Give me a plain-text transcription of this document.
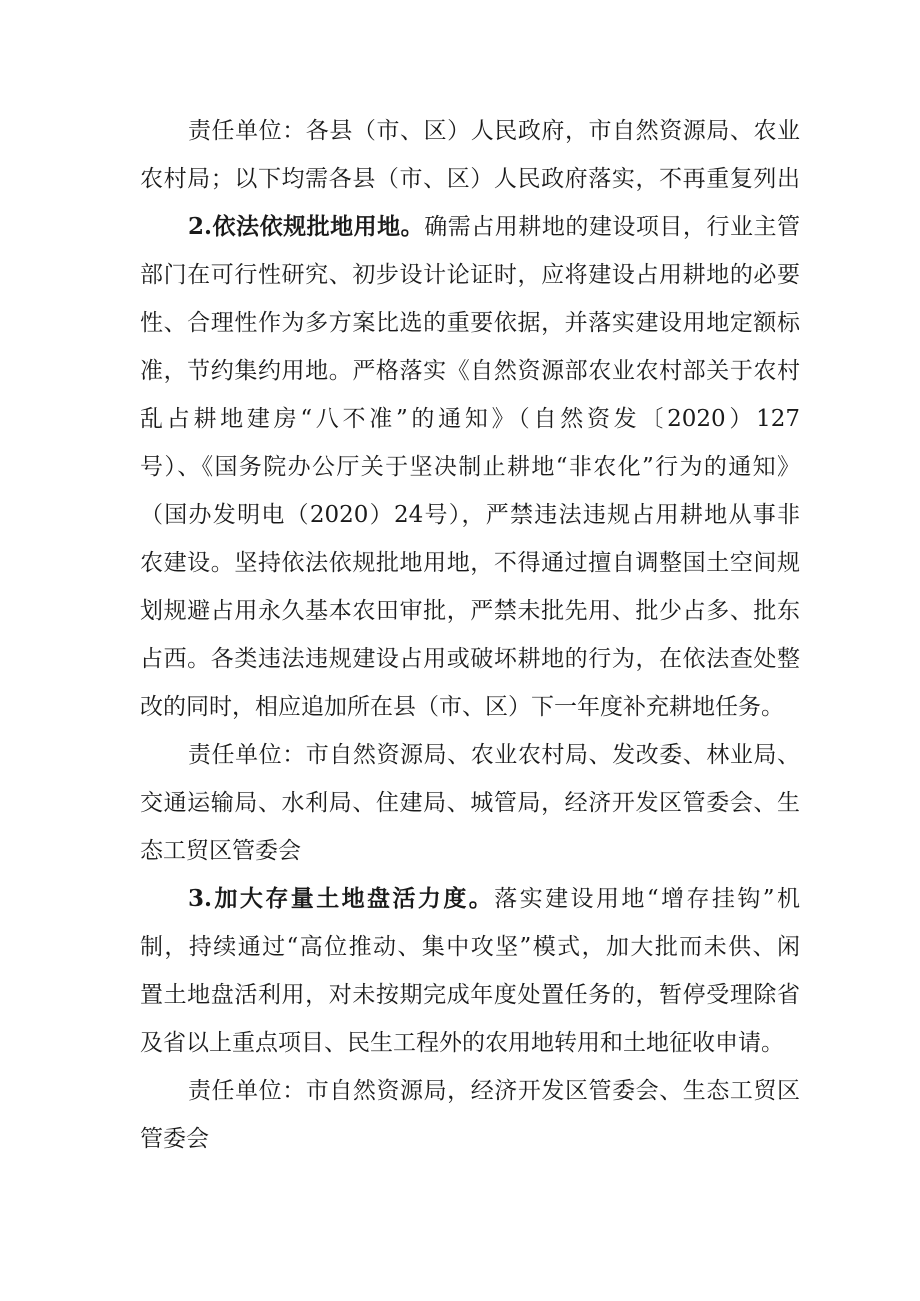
责任单位：各县（市、区）人民政府，市自然资源局、农业
农村局；以下均需各县（市、区）人民政府落实，不再重复列出
2.依法依规批地用地。确需占用耕地的建设项目，行业主管
部门在可行性研究、初步设计论证时，应将建设占用耕地的必要
性、合理性作为多方案比选的重要依据，并落实建设用地定额标
准，节约集约用地。严格落实《自然资源部农业农村部关于农村
乱占耕地建房“八不准”的通知》（自然资发〔2020）127
号）、《国务院办公厅关于坚决制止耕地“非农化”行为的通知》
（国办发明电（2020）24号），严禁违法违规占用耕地从事非
农建设。坚持依法依规批地用地，不得通过擅自调整国土空间规
划规避占用永久基本农田审批，严禁未批先用、批少占多、批东
占西。各类违法违规建设占用或破坏耕地的行为，在依法查处整
改的同时，相应追加所在县（市、区）下一年度补充耕地任务。
责任单位：市自然资源局、农业农村局、发改委、林业局、
交通运输局、水利局、住建局、城管局，经济开发区管委会、生
态工贸区管委会
3.加大存量土地盘活力度。落实建设用地“增存挂钩”机
制，持续通过“高位推动、集中攻坚”模式，加大批而未供、闲
置土地盘活利用，对未按期完成年度处置任务的，暂停受理除省
及省以上重点项目、民生工程外的农用地转用和土地征收申请。
责任单位：市自然资源局，经济开发区管委会、生态工贸区
管委会
